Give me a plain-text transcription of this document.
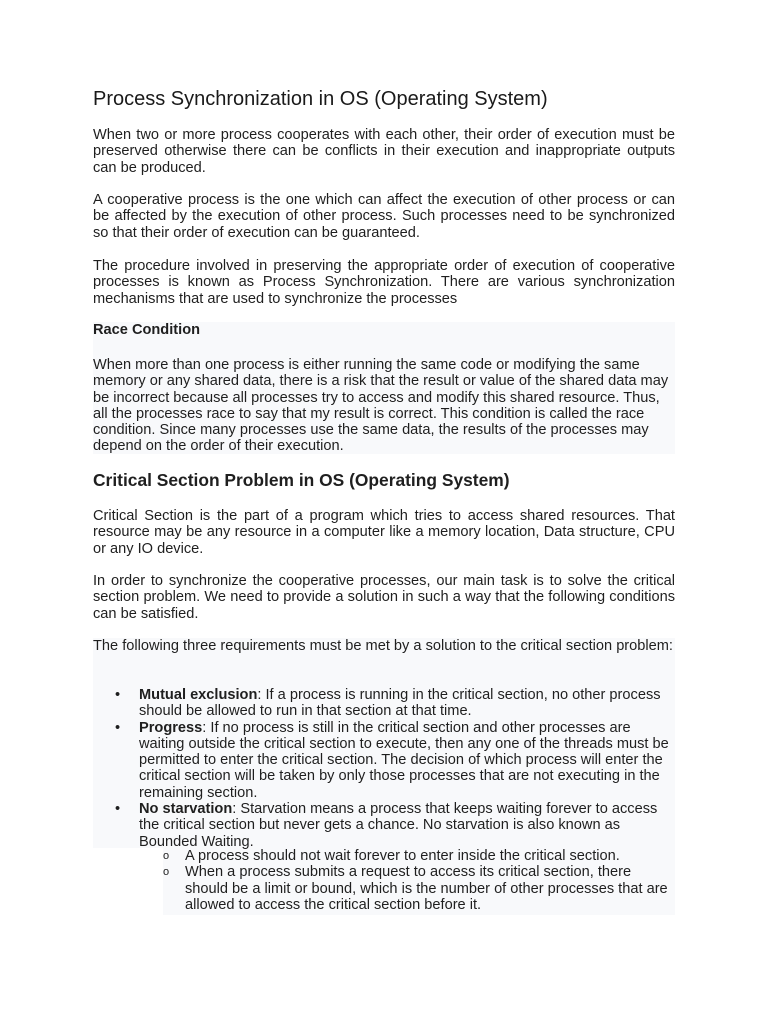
Process Synchronization in OS (Operating System)

When two or more process cooperates with each other, their order of execution must be preserved otherwise there can be conflicts in their execution and inappropriate outputs can be produced.

A cooperative process is the one which can affect the execution of other process or can be affected by the execution of other process. Such processes need to be synchronized so that their order of execution can be guaranteed.

The procedure involved in preserving the appropriate order of execution of cooperative processes is known as Process Synchronization. There are various synchronization mechanisms that are used to synchronize the processes

Race Condition

When more than one process is either running the same code or modifying the same memory or any shared data, there is a risk that the result or value of the shared data may be incorrect because all processes try to access and modify this shared resource. Thus, all the processes race to say that my result is correct. This condition is called the race condition. Since many processes use the same data, the results of the processes may depend on the order of their execution.

Critical Section Problem in OS (Operating System)

Critical Section is the part of a program which tries to access shared resources. That resource may be any resource in a computer like a memory location, Data structure, CPU or any IO device.

In order to synchronize the cooperative processes, our main task is to solve the critical section problem. We need to provide a solution in such a way that the following conditions can be satisfied.

The following three requirements must be met by a solution to the critical section problem:

• Mutual exclusion: If a process is running in the critical section, no other process should be allowed to run in that section at that time.
• Progress: If no process is still in the critical section and other processes are waiting outside the critical section to execute, then any one of the threads must be permitted to enter the critical section. The decision of which process will enter the critical section will be taken by only those processes that are not executing in the remaining section.
• No starvation: Starvation means a process that keeps waiting forever to access the critical section but never gets a chance. No starvation is also known as Bounded Waiting.
o A process should not wait forever to enter inside the critical section.
o When a process submits a request to access its critical section, there should be a limit or bound, which is the number of other processes that are allowed to access the critical section before it.
